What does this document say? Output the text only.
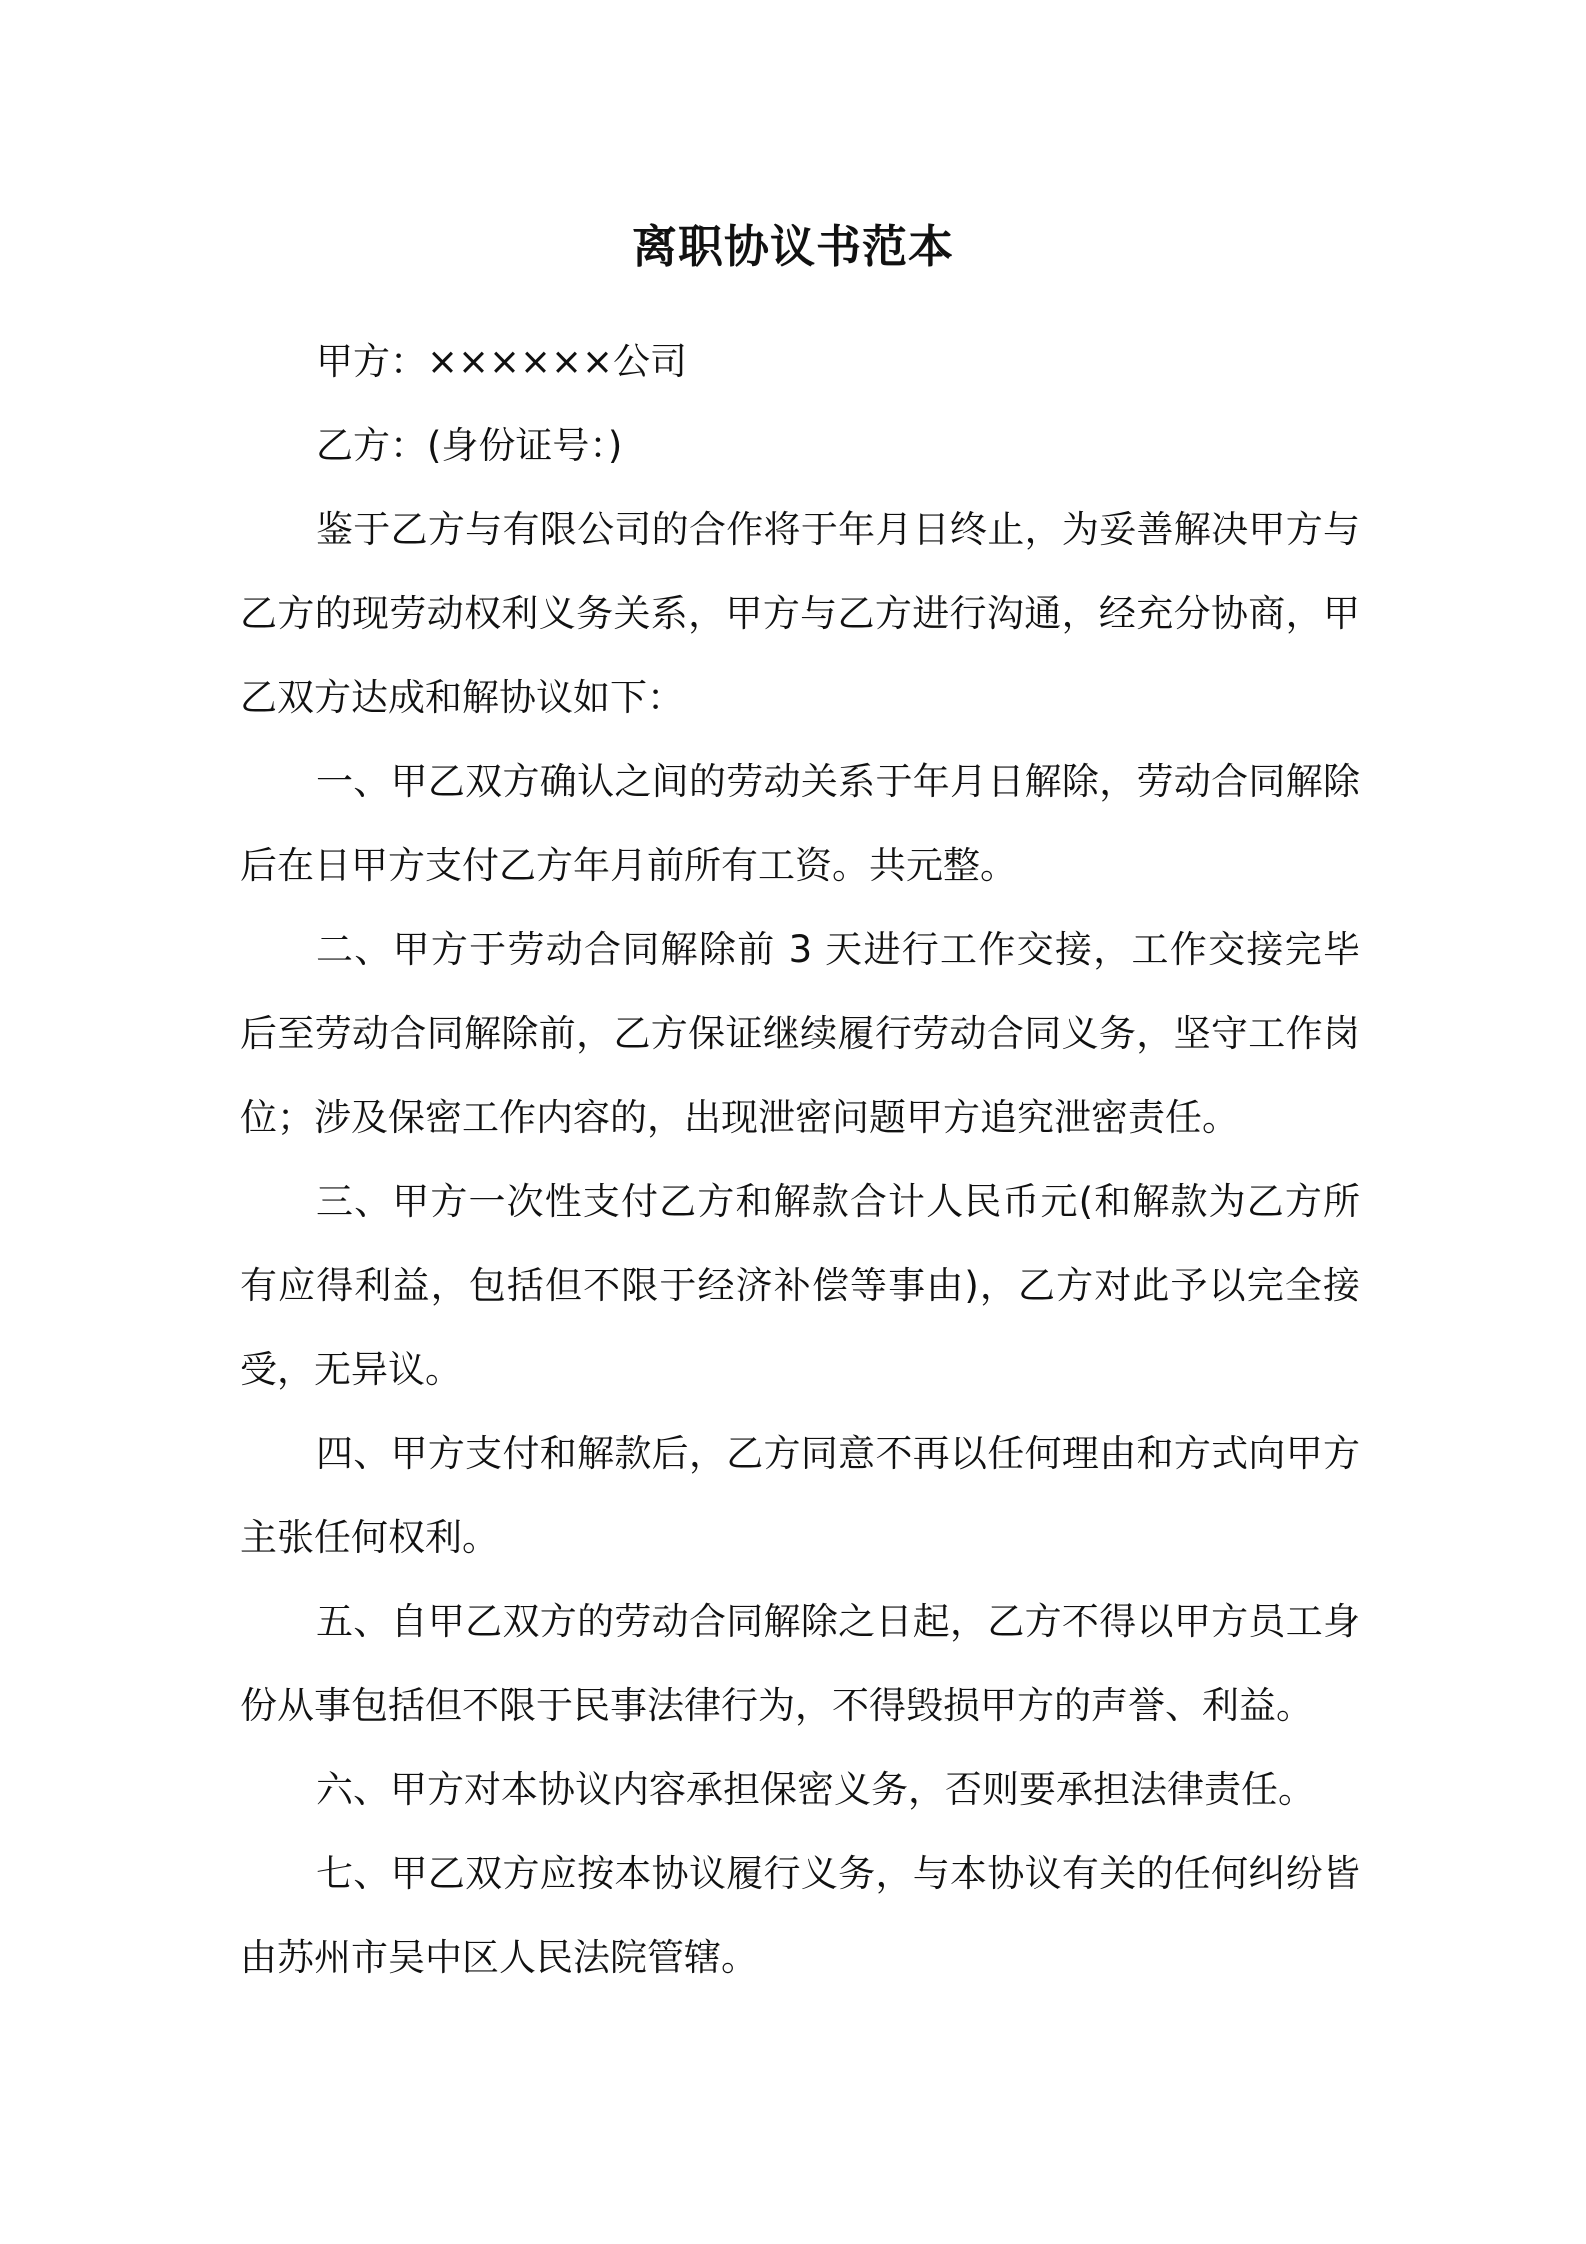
离职协议书范本

甲方：××××××公司

乙方：(身份证号：)

鉴于乙方与有限公司的合作将于年月日终止，为妥善解决甲方与乙方的现劳动权利义务关系，甲方与乙方进行沟通，经充分协商，甲乙双方达成和解协议如下：

一、甲乙双方确认之间的劳动关系于年月日解除，劳动合同解除后在日甲方支付乙方年月前所有工资。共元整。

二、甲方于劳动合同解除前 3 天进行工作交接，工作交接完毕后至劳动合同解除前，乙方保证继续履行劳动合同义务，坚守工作岗位；涉及保密工作内容的，出现泄密问题甲方追究泄密责任。

三、甲方一次性支付乙方和解款合计人民币元(和解款为乙方所有应得利益，包括但不限于经济补偿等事由)，乙方对此予以完全接受，无异议。

四、甲方支付和解款后，乙方同意不再以任何理由和方式向甲方主张任何权利。

五、自甲乙双方的劳动合同解除之日起，乙方不得以甲方员工身份从事包括但不限于民事法律行为，不得毁损甲方的声誉、利益。

六、甲方对本协议内容承担保密义务，否则要承担法律责任。

七、甲乙双方应按本协议履行义务，与本协议有关的任何纠纷皆由苏州市吴中区人民法院管辖。
